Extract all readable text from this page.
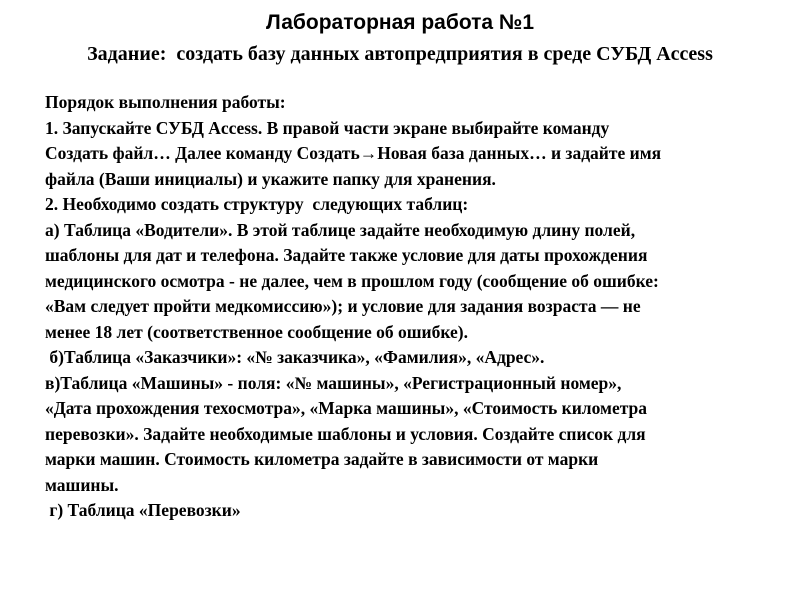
Лабораторная работа №1
Задание:  создать базу данных автопредприятия в среде СУБД Access
Порядок выполнения работы:
1. Запускайте СУБД Access. В правой части экране выбирайте команду
Создать файл… Далее команду Создать→Новая база данных… и задайте имя
файла (Ваши инициалы) и укажите папку для хранения.
2. Необходимо создать структуру  следующих таблиц:
а) Таблица «Водители». В этой таблице задайте необходимую длину полей,
шаблоны для дат и телефона. Задайте также условие для даты прохождения
медицинского осмотра - не далее, чем в прошлом году (сообщение об ошибке:
«Вам следует пройти медкомиссию»); и условие для задания возраста — не
менее 18 лет (соответственное сообщение об ошибке).
б)Таблица «Заказчики»: «№ заказчика», «Фамилия», «Адрес».
в)Таблица «Машины» - поля: «№ машины», «Регистрационный номер»,
«Дата прохождения техосмотра», «Марка машины», «Стоимость километра
перевозки». Задайте необходимые шаблоны и условия. Создайте список для
марки машин. Стоимость километра задайте в зависимости от марки
машины.
г) Таблица «Перевозки»
